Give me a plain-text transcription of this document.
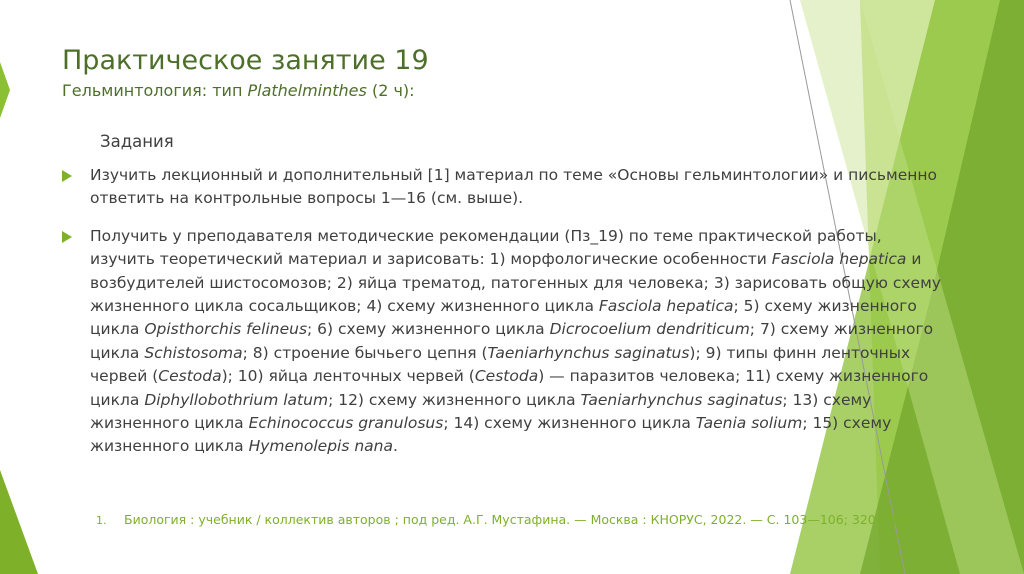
Практическое занятие 19
Гельминтология: тип Plathelminthes (2 ч):
Задания
Изучить лекционный и дополнительный [1] материал по теме «Основы гельминтологии» и письменно ответить на контрольные вопросы 1—16 (см. выше).
Получить у преподавателя методические рекомендации (Пз_19) по теме практической работы, изучить теоретический материал и зарисовать: 1) морфологические особенности Fasciola hepatica и возбудителей шистосомозов; 2) яйца трематод, патогенных для человека; 3) зарисовать общую схему жизненного цикла сосальщиков; 4) схему жизненного цикла Fasciola hepatica; 5) схему жизненного цикла Opisthorchis felineus; 6) схему жизненного цикла Dicrocoelium dendriticum; 7) схему жизненного цикла Schistosoma; 8) строение бычьего цепня (Taeniarhynchus saginatus); 9) типы финн ленточных червей (Cestoda); 10) яйца ленточных червей (Cestoda) — паразитов человека; 11) схему жизненного цикла Diphyllobothrium latum; 12) схему жизненного цикла Taeniarhynchus saginatus; 13) схему жизненного цикла Echinococcus granulosus; 14) схему жизненного цикла Taenia solium; 15) схему жизненного цикла Hymenolepis nana.
1. Биология : учебник / коллектив авторов ; под ред. А.Г. Мустафина. — Москва : КНОРУС, 2022. — С. 103—106; 320—330.
